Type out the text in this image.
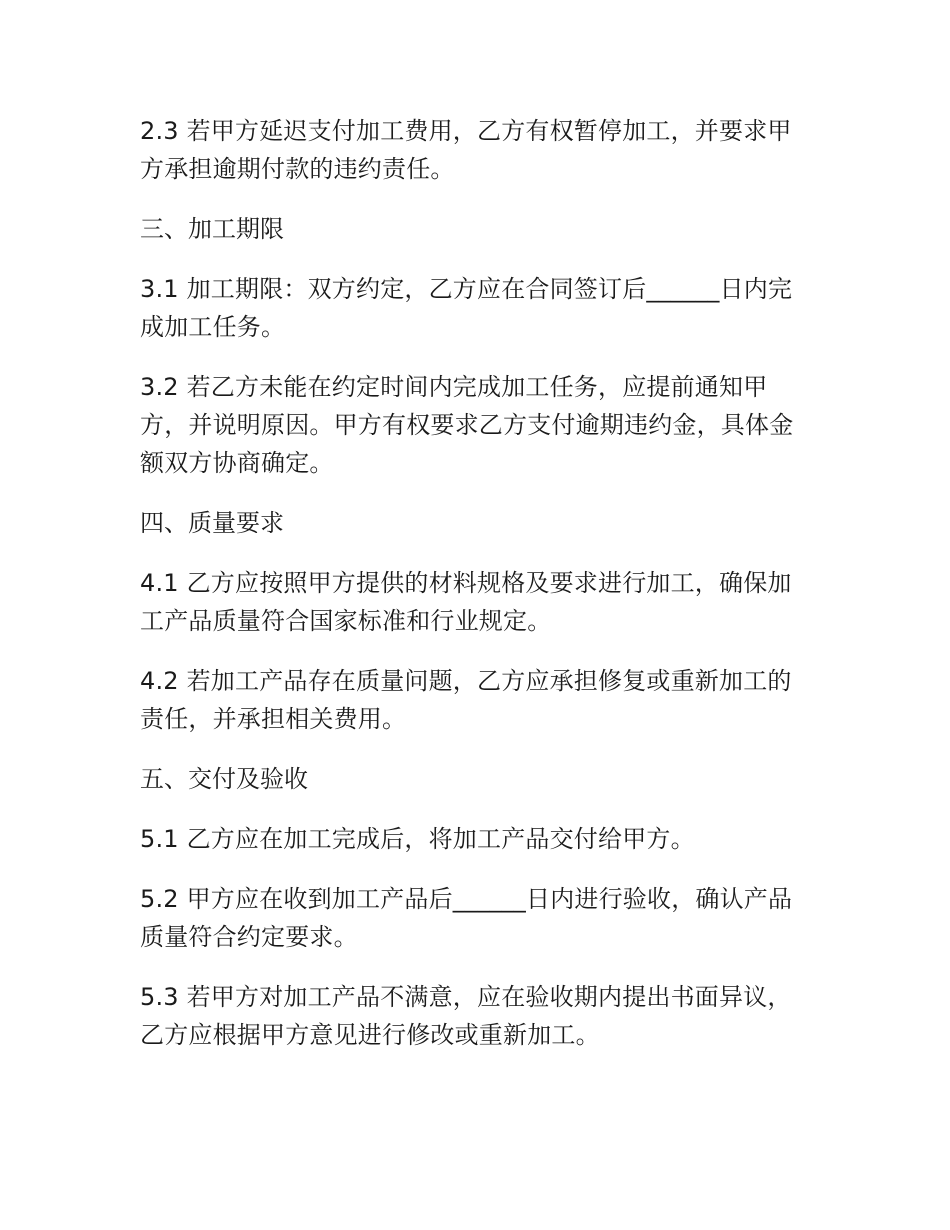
2.3 若甲方延迟支付加工费用，乙方有权暂停加工，并要求甲方承担逾期付款的违约责任。

三、加工期限

3.1 加工期限：双方约定，乙方应在合同签订后______日内完成加工任务。

3.2 若乙方未能在约定时间内完成加工任务，应提前通知甲方，并说明原因。甲方有权要求乙方支付逾期违约金，具体金额双方协商确定。

四、质量要求

4.1 乙方应按照甲方提供的材料规格及要求进行加工，确保加工产品质量符合国家标准和行业规定。

4.2 若加工产品存在质量问题，乙方应承担修复或重新加工的责任，并承担相关费用。

五、交付及验收

5.1 乙方应在加工完成后，将加工产品交付给甲方。

5.2 甲方应在收到加工产品后______日内进行验收，确认产品质量符合约定要求。

5.3 若甲方对加工产品不满意，应在验收期内提出书面异议，乙方应根据甲方意见进行修改或重新加工。
